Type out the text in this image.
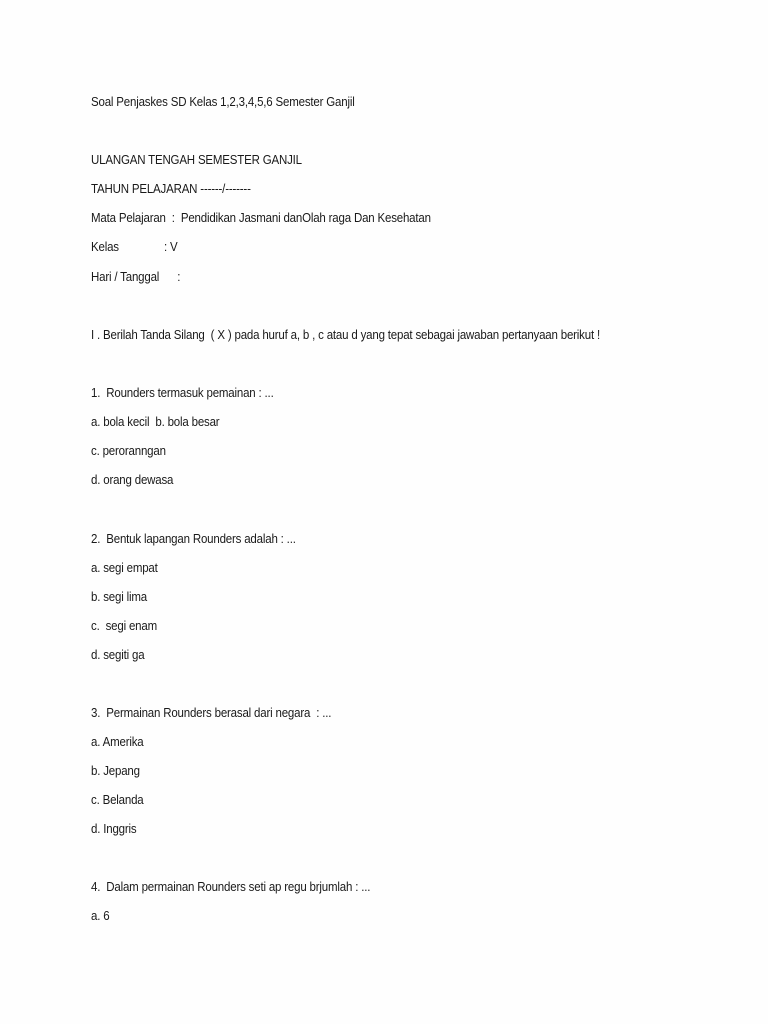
Soal Penjaskes SD Kelas 1,2,3,4,5,6 Semester Ganjil
ULANGAN TENGAH SEMESTER GANJIL
TAHUN PELAJARAN ------/-------
Mata Pelajaran  :  Pendidikan Jasmani danOlah raga Dan Kesehatan
Kelas               : V
Hari / Tanggal      :
I . Berilah Tanda Silang  ( X ) pada huruf a, b , c atau d yang tepat sebagai jawaban pertanyaan berikut !
1.  Rounders termasuk pemainan : ...
a. bola kecil  b. bola besar
c. peroranngan
d. orang dewasa
2.  Bentuk lapangan Rounders adalah : ...
a. segi empat
b. segi lima
c.  segi enam
d. segiti ga
3.  Permainan Rounders berasal dari negara  : ...
a. Amerika
b. Jepang
c. Belanda
d. Inggris
4.  Dalam permainan Rounders seti ap regu brjumlah : ...
a. 6
